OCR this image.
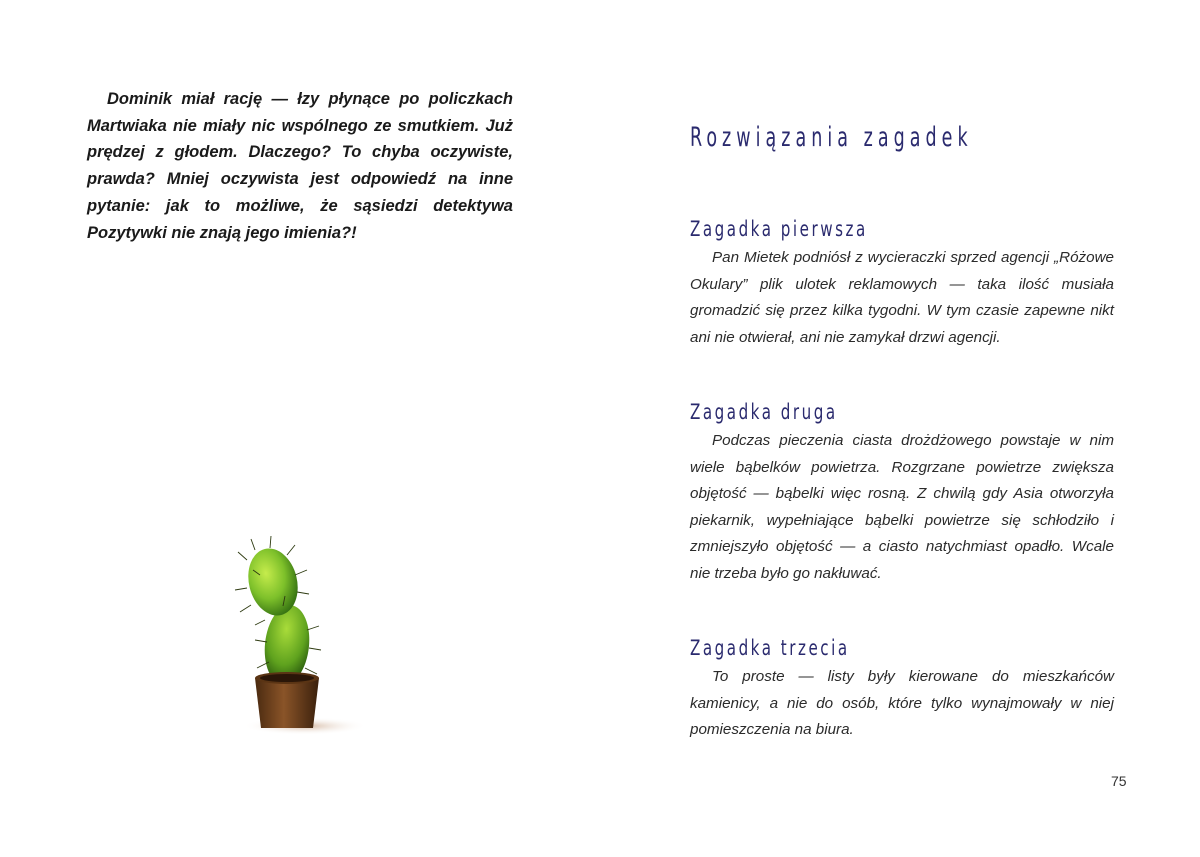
Dominik miał rację — łzy płynące po policzkach Martwiaka nie miały nic wspólnego ze smutkiem. Już prędzej z głodem. Dlaczego? To chyba oczywiste, prawda? Mniej oczywista jest odpowiedź na inne pytanie: jak to możliwe, że sąsiedzi detektywa Pozytywki nie znają jego imienia?!

Rozwiązania zagadek
Zagadka pierwsza

Pan Mietek podniósł z wycieraczki sprzed agencji „Różowe Okulary” plik ulotek reklamowych — taka ilość musiała gromadzić się przez kilka tygodni. W tym czasie zapewne nikt ani nie otwierał, ani nie zamykał drzwi agencji.

Zagadka druga

Podczas pieczenia ciasta drożdżowego powstaje w nim wiele bąbelków powietrza. Rozgrzane powietrze zwiększa objętość — bąbelki więc rosną. Z chwilą gdy Asia otworzyła piekarnik, wypełniające bąbelki powietrze się schłodziło i zmniejszyło objętość — a ciasto natychmiast opadło. Wcale nie trzeba było go nakłuwać.

Zagadka trzecia

To proste — listy były kierowane do mieszkańców kamienicy, a nie do osób, które tylko wynajmowały w niej pomieszczenia na biura.

75
